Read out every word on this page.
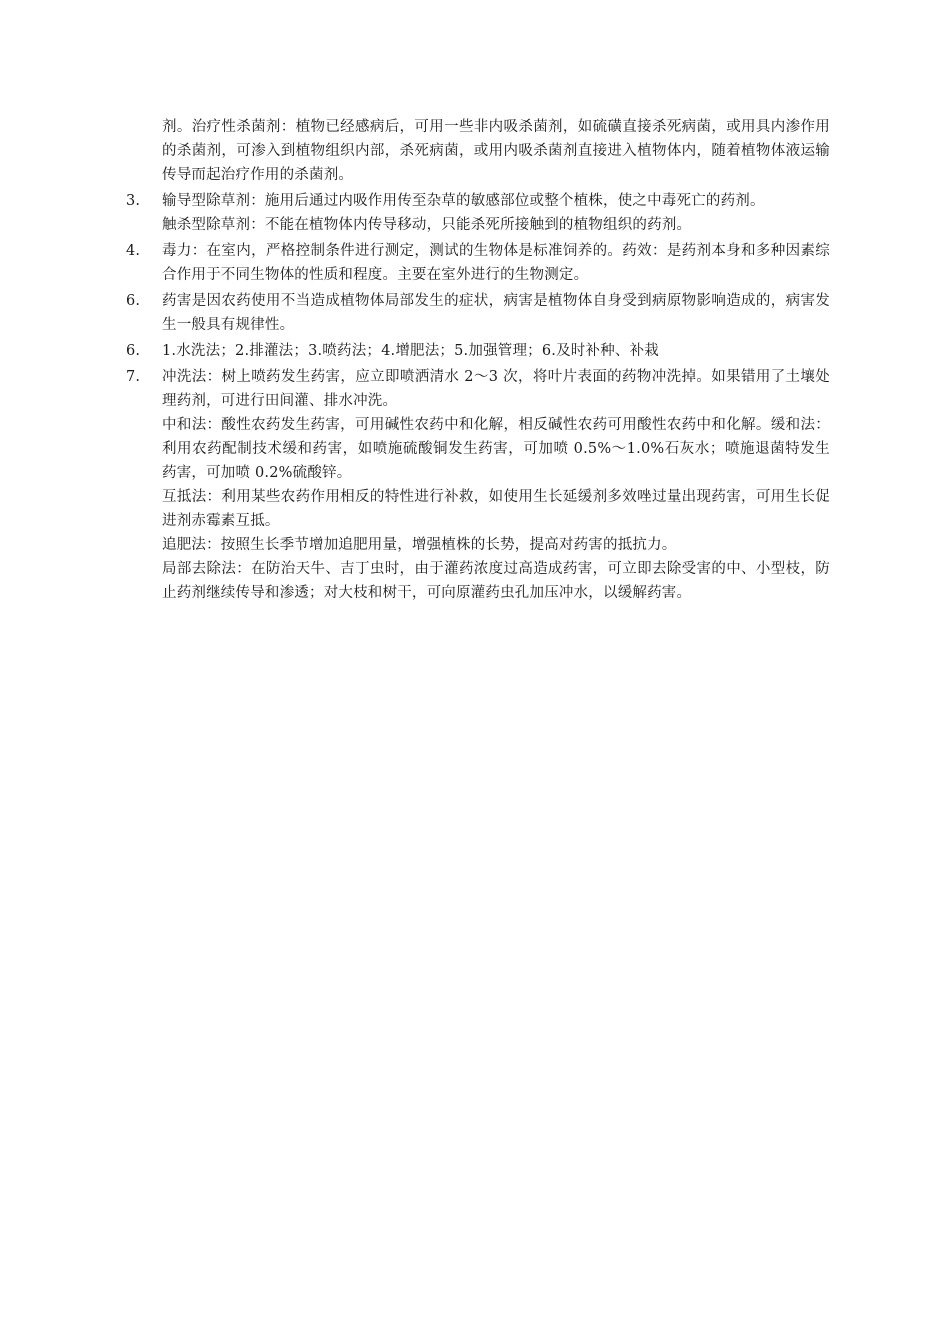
剂。治疗性杀菌剂：植物已经感病后，可用一些非内吸杀菌剂，如硫磺直接杀死病菌，或用具内渗作用的杀菌剂，可渗入到植物组织内部，杀死病菌，或用内吸杀菌剂直接进入植物体内，随着植物体液运输传导而起治疗作用的杀菌剂。
3.	输导型除草剂：施用后通过内吸作用传至杂草的敏感部位或整个植株，使之中毒死亡的药剂。
触杀型除草剂：不能在植物体内传导移动，只能杀死所接触到的植物组织的药剂。
4.	毒力：在室内，严格控制条件进行测定，测试的生物体是标准饲养的。药效：是药剂本身和多种因素综合作用于不同生物体的性质和程度。主要在室外进行的生物测定。
6.	药害是因农药使用不当造成植物体局部发生的症状，病害是植物体自身受到病原物影响造成的，病害发生一般具有规律性。
6.	1.水洗法；2.排灌法；3.喷药法；4.增肥法；5.加强管理；6.及时补种、补栽
7.	冲洗法：树上喷药发生药害，应立即喷洒清水 2～3 次，将叶片表面的药物冲洗掉。如果错用了土壤处理药剂，可进行田间灌、排水冲洗。
中和法：酸性农药发生药害，可用碱性农药中和化解，相反碱性农药可用酸性农药中和化解。缓和法：利用农药配制技术缓和药害，如喷施硫酸铜发生药害，可加喷 0.5%～1.0%石灰水；喷施退菌特发生药害，可加喷 0.2%硫酸锌。
互抵法：利用某些农药作用相反的特性进行补救，如使用生长延缓剂多效唑过量出现药害，可用生长促进剂赤霉素互抵。
追肥法：按照生长季节增加追肥用量，增强植株的长势，提高对药害的抵抗力。
局部去除法：在防治天牛、吉丁虫时，由于灌药浓度过高造成药害，可立即去除受害的中、小型枝，防止药剂继续传导和渗透；对大枝和树干，可向原灌药虫孔加压冲水，以缓解药害。
